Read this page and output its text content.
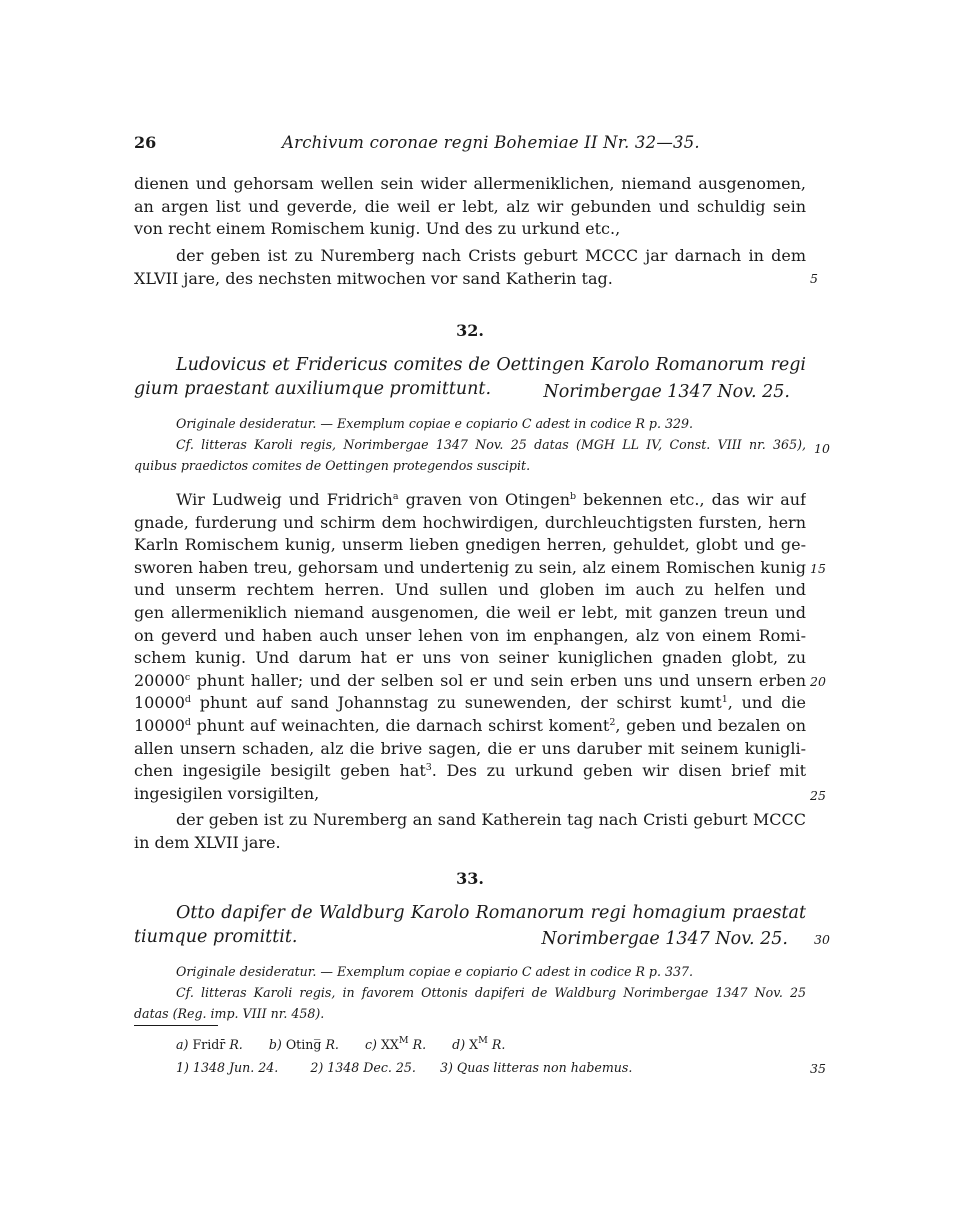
26	Archivum coronae regni Bohemiae II Nr. 32—35.
dienen und gehorsam wellen sein wider allermeniklichen, niemand ausgenomen,
an argen list und geverde, die weil er lebt, alz wir gebunden und schuldig sein
von recht einem Romischem kunig. Und des zu urkund etc.,
der geben ist zu Nuremberg nach Crists geburt MCCC jar darnach in dem
XLVII jare, des nechsten mitwochen vor sand Katherin tag.	5
32.
Ludovicus et Fridericus comites de Oettingen Karolo Romanorum regi
gium praestant auxiliumque promittunt.	Norimbergae 1347 Nov. 25.
Originale desideratur. — Exemplum copiae e copiario C adest in codice R p. 329.
Cf. litteras Karoli regis, Norimbergae 1347 Nov. 25 datas (MGH LL IV, Const. VIII nr. 365),
quibus praedictos comites de Oettingen protegendos suscipit.
10
Wir Ludweig und Fridrich$^a$ graven von Otingen$^b$ bekennen etc., das wir auf
gnade, furderung und schirm dem hochwirdigen, durchleuchtigsten fursten, hern
Karln Romischem kunig, unserm lieben gnedigen herren, gehuldet, globt und ge-
sworen haben treu, gehorsam und undertenig zu sein, alz einem Romischen kunig
und unserm rechtem herren. Und sullen und globen im auch zu helfen und
gen allermeniklich niemand ausgenomen, die weil er lebt, mit ganzen treun und
on geverd und haben auch unser lehen von im enphangen, alz von einem Romi-
schem kunig. Und darum hat er uns von seiner kuniglichen gnaden globt, zu
20000$^c$ phunt haller; und der selben sol er und sein erben uns und unsern erben
10000$^d$ phunt auf sand Johannstag zu sunewenden, der schirst kumt$^1$, und die
10000$^d$ phunt auf weinachten, die darnach schirst koment$^2$, geben und bezalen on
allen unsern schaden, alz die brive sagen, die er uns daruber mit seinem kunigli-
chen ingesigile besigilt geben hat$^3$. Des zu urkund geben wir disen brief mit
ingesigilen vorsigilten,
15
20
25
der geben ist zu Nuremberg an sand Katherein tag nach Cristi geburt MCCC
in dem XLVII jare.
33.
Otto dapifer de Waldburg Karolo Romanorum regi homagium praestat
tiumque promittit.	Norimbergae 1347 Nov. 25. 30
Originale desideratur. — Exemplum copiae e copiario C adest in codice R p. 337.
Cf. litteras Karoli regis, in favorem Ottonis dapiferi de Waldburg Norimbergae 1347 Nov. 25
datas (Reg. imp. VIII nr. 458).
a) Fridr̄ R. b) Oting̅ R. c) $XX^M$ R. d) $X^M$ R.
1) 1348 Jun. 24.	2) 1348 Dec. 25. 3) Quas litteras non habemus.	35
